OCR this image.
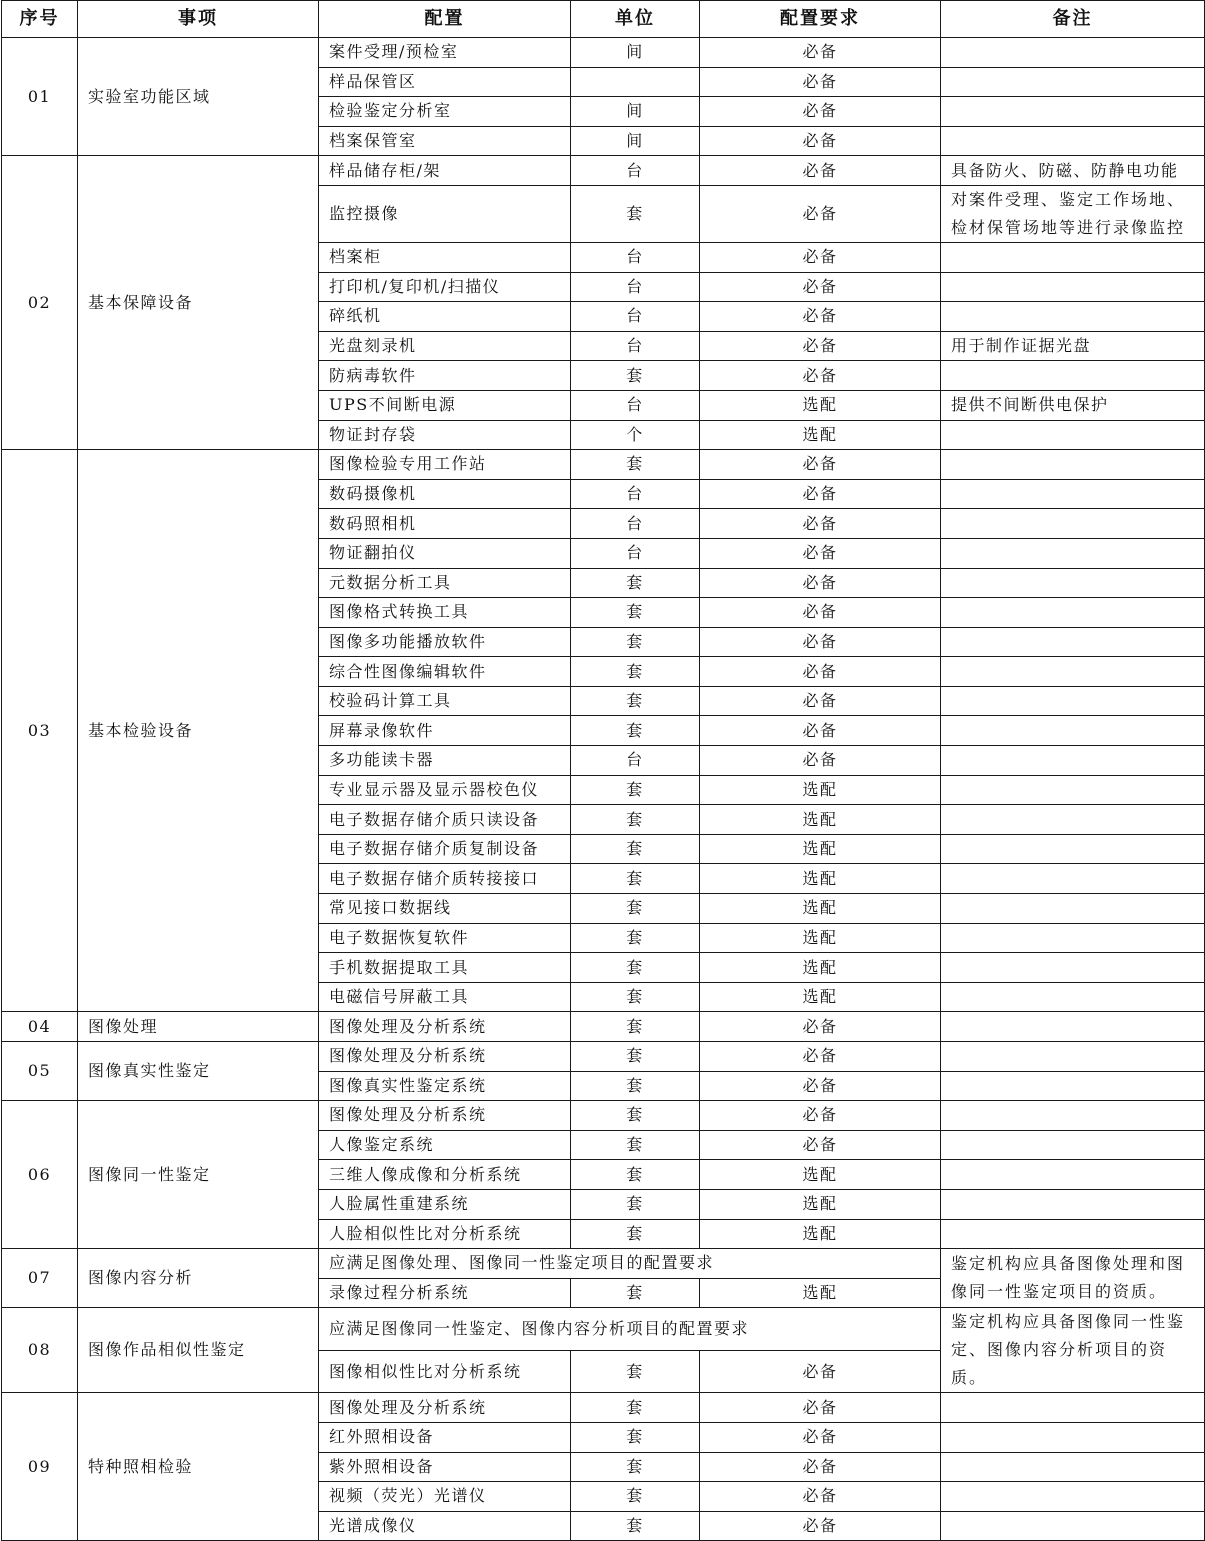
序号	事项	配置	单位	配置要求	备注
01	实验室功能区域	案件受理/预检室	间	必备	
		样品保管区		必备	
		检验鉴定分析室	间	必备	
		档案保管室	间	必备	
02	基本保障设备	样品储存柜/架	台	必备	具备防火、防磁、防静电功能
		监控摄像	套	必备	对案件受理、鉴定工作场地、检材保管场地等进行录像监控
		档案柜	台	必备	
		打印机/复印机/扫描仪	台	必备	
		碎纸机	台	必备	
		光盘刻录机	台	必备	用于制作证据光盘
		防病毒软件	套	必备	
		UPS不间断电源	台	选配	提供不间断供电保护
		物证封存袋	个	选配	
03	基本检验设备	图像检验专用工作站	套	必备	
		数码摄像机	台	必备	
		数码照相机	台	必备	
		物证翻拍仪	台	必备	
		元数据分析工具	套	必备	
		图像格式转换工具	套	必备	
		图像多功能播放软件	套	必备	
		综合性图像编辑软件	套	必备	
		校验码计算工具	套	必备	
		屏幕录像软件	套	必备	
		多功能读卡器	台	必备	
		专业显示器及显示器校色仪	套	选配	
		电子数据存储介质只读设备	套	选配	
		电子数据存储介质复制设备	套	选配	
		电子数据存储介质转接接口	套	选配	
		常见接口数据线	套	选配	
		电子数据恢复软件	套	选配	
		手机数据提取工具	套	选配	
		电磁信号屏蔽工具	套	选配	
04	图像处理	图像处理及分析系统	套	必备	
05	图像真实性鉴定	图像处理及分析系统	套	必备	
		图像真实性鉴定系统	套	必备	
06	图像同一性鉴定	图像处理及分析系统	套	必备	
		人像鉴定系统	套	必备	
		三维人像成像和分析系统	套	选配	
		人脸属性重建系统	套	选配	
		人脸相似性比对分析系统	套	选配	
07	图像内容分析	应满足图像处理、图像同一性鉴定项目的配置要求			鉴定机构应具备图像处理和图像同一性鉴定项目的资质。
		录像过程分析系统	套	选配	
08	图像作品相似性鉴定	应满足图像同一性鉴定、图像内容分析项目的配置要求			鉴定机构应具备图像同一性鉴定、图像内容分析项目的资质。
		图像相似性比对分析系统	套	必备	
09	特种照相检验	图像处理及分析系统	套	必备	
		红外照相设备	套	必备	
		紫外照相设备	套	必备	
		视频（荧光）光谱仪	套	必备	
		光谱成像仪	套	必备	
